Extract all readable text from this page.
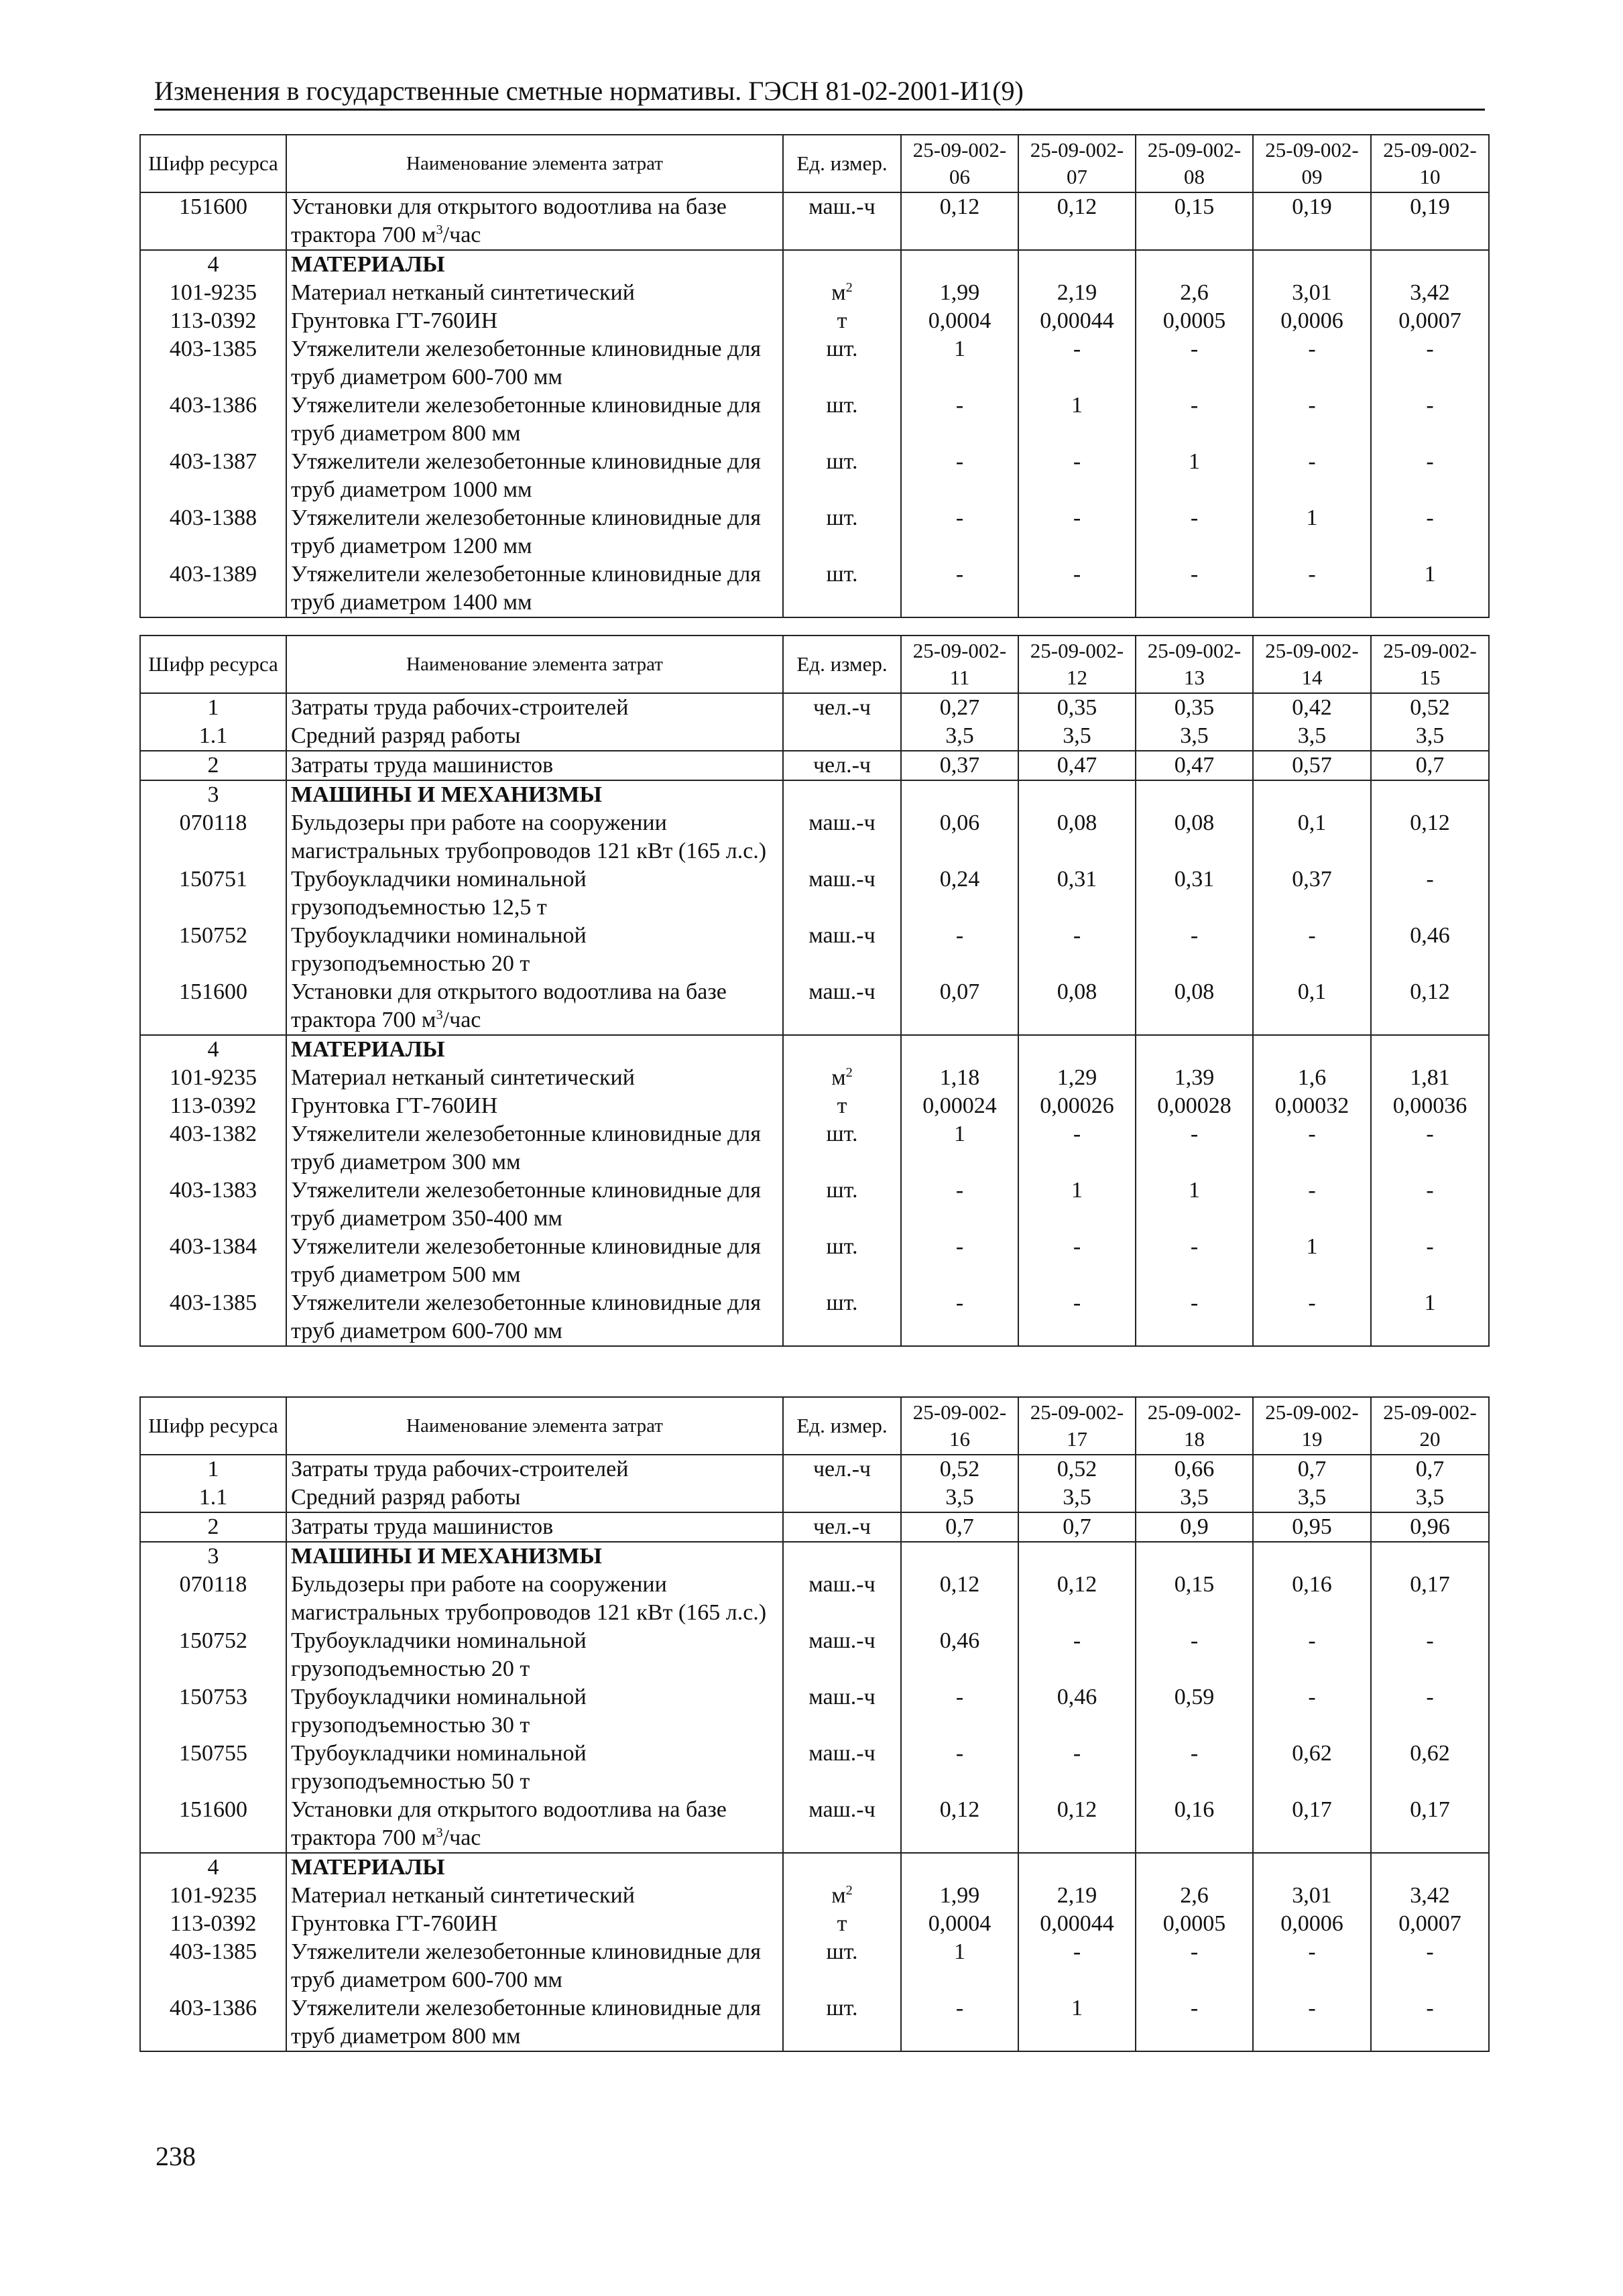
Изменения в государственные сметные нормативы. ГЭСН 81-02-2001-И1(9)
Шифр ресурса	Наименование элемента затрат	Ед. измер.	25-09-002-06	25-09-002-07	25-09-002-08	25-09-002-09	25-09-002-10
151600	Установки для открытого водоотлива на базе трактора 700 $м^3$/час	маш.-ч	0,12	0,12	0,15	0,19	0,19
4	МАТЕРИАЛЫ						
101-9235	Материал нетканый синтетический	$м^2$	1,99	2,19	2,6	3,01	3,42
113-0392	Грунтовка ГТ-760ИН	т	0,0004	0,00044	0,0005	0,0006	0,0007
403-1385	Утяжелители железобетонные клиновидные для труб диаметром 600-700 мм	шт.	1	-	-	-	-
403-1386	Утяжелители железобетонные клиновидные для труб диаметром 800 мм	шт.	-	1	-	-	-
403-1387	Утяжелители железобетонные клиновидные для труб диаметром 1000 мм	шт.	-	-	1	-	-
403-1388	Утяжелители железобетонные клиновидные для труб диаметром 1200 мм	шт.	-	-	-	1	-
403-1389	Утяжелители железобетонные клиновидные для труб диаметром 1400 мм	шт.	-	-	-	-	1
Шифр ресурса	Наименование элемента затрат	Ед. измер.	25-09-002-11	25-09-002-12	25-09-002-13	25-09-002-14	25-09-002-15
1	Затраты труда рабочих-строителей	чел.-ч	0,27	0,35	0,35	0,42	0,52
1.1	Средний разряд работы		3,5	3,5	3,5	3,5	3,5
2	Затраты труда машинистов	чел.-ч	0,37	0,47	0,47	0,57	0,7
3	МАШИНЫ И МЕХАНИЗМЫ						
070118	Бульдозеры при работе на сооружении магистральных трубопроводов 121 кВт (165 л.с.)	маш.-ч	0,06	0,08	0,08	0,1	0,12
150751	Трубоукладчики номинальной грузоподъемностью 12,5 т	маш.-ч	0,24	0,31	0,31	0,37	-
150752	Трубоукладчики номинальной грузоподъемностью 20 т	маш.-ч	-	-	-	-	0,46
151600	Установки для открытого водоотлива на базе трактора 700 $м^3$/час	маш.-ч	0,07	0,08	0,08	0,1	0,12
4	МАТЕРИАЛЫ						
101-9235	Материал нетканый синтетический	$м^2$	1,18	1,29	1,39	1,6	1,81
113-0392	Грунтовка ГТ-760ИН	т	0,00024	0,00026	0,00028	0,00032	0,00036
403-1382	Утяжелители железобетонные клиновидные для труб диаметром 300 мм	шт.	1	-	-	-	-
403-1383	Утяжелители железобетонные клиновидные для труб диаметром 350-400 мм	шт.	-	1	1	-	-
403-1384	Утяжелители железобетонные клиновидные для труб диаметром 500 мм	шт.	-	-	-	1	-
403-1385	Утяжелители железобетонные клиновидные для труб диаметром 600-700 мм	шт.	-	-	-	-	1
Шифр ресурса	Наименование элемента затрат	Ед. измер.	25-09-002-16	25-09-002-17	25-09-002-18	25-09-002-19	25-09-002-20
1	Затраты труда рабочих-строителей	чел.-ч	0,52	0,52	0,66	0,7	0,7
1.1	Средний разряд работы		3,5	3,5	3,5	3,5	3,5
2	Затраты труда машинистов	чел.-ч	0,7	0,7	0,9	0,95	0,96
3	МАШИНЫ И МЕХАНИЗМЫ						
070118	Бульдозеры при работе на сооружении магистральных трубопроводов 121 кВт (165 л.с.)	маш.-ч	0,12	0,12	0,15	0,16	0,17
150752	Трубоукладчики номинальной грузоподъемностью 20 т	маш.-ч	0,46	-	-	-	-
150753	Трубоукладчики номинальной грузоподъемностью 30 т	маш.-ч	-	0,46	0,59	-	-
150755	Трубоукладчики номинальной грузоподъемностью 50 т	маш.-ч	-	-	-	0,62	0,62
151600	Установки для открытого водоотлива на базе трактора 700 $м^3$/час	маш.-ч	0,12	0,12	0,16	0,17	0,17
4	МАТЕРИАЛЫ						
101-9235	Материал нетканый синтетический	$м^2$	1,99	2,19	2,6	3,01	3,42
113-0392	Грунтовка ГТ-760ИН	т	0,0004	0,00044	0,0005	0,0006	0,0007
403-1385	Утяжелители железобетонные клиновидные для труб диаметром 600-700 мм	шт.	1	-	-	-	-
403-1386	Утяжелители железобетонные клиновидные для труб диаметром 800 мм	шт.	-	1	-	-	-
238
